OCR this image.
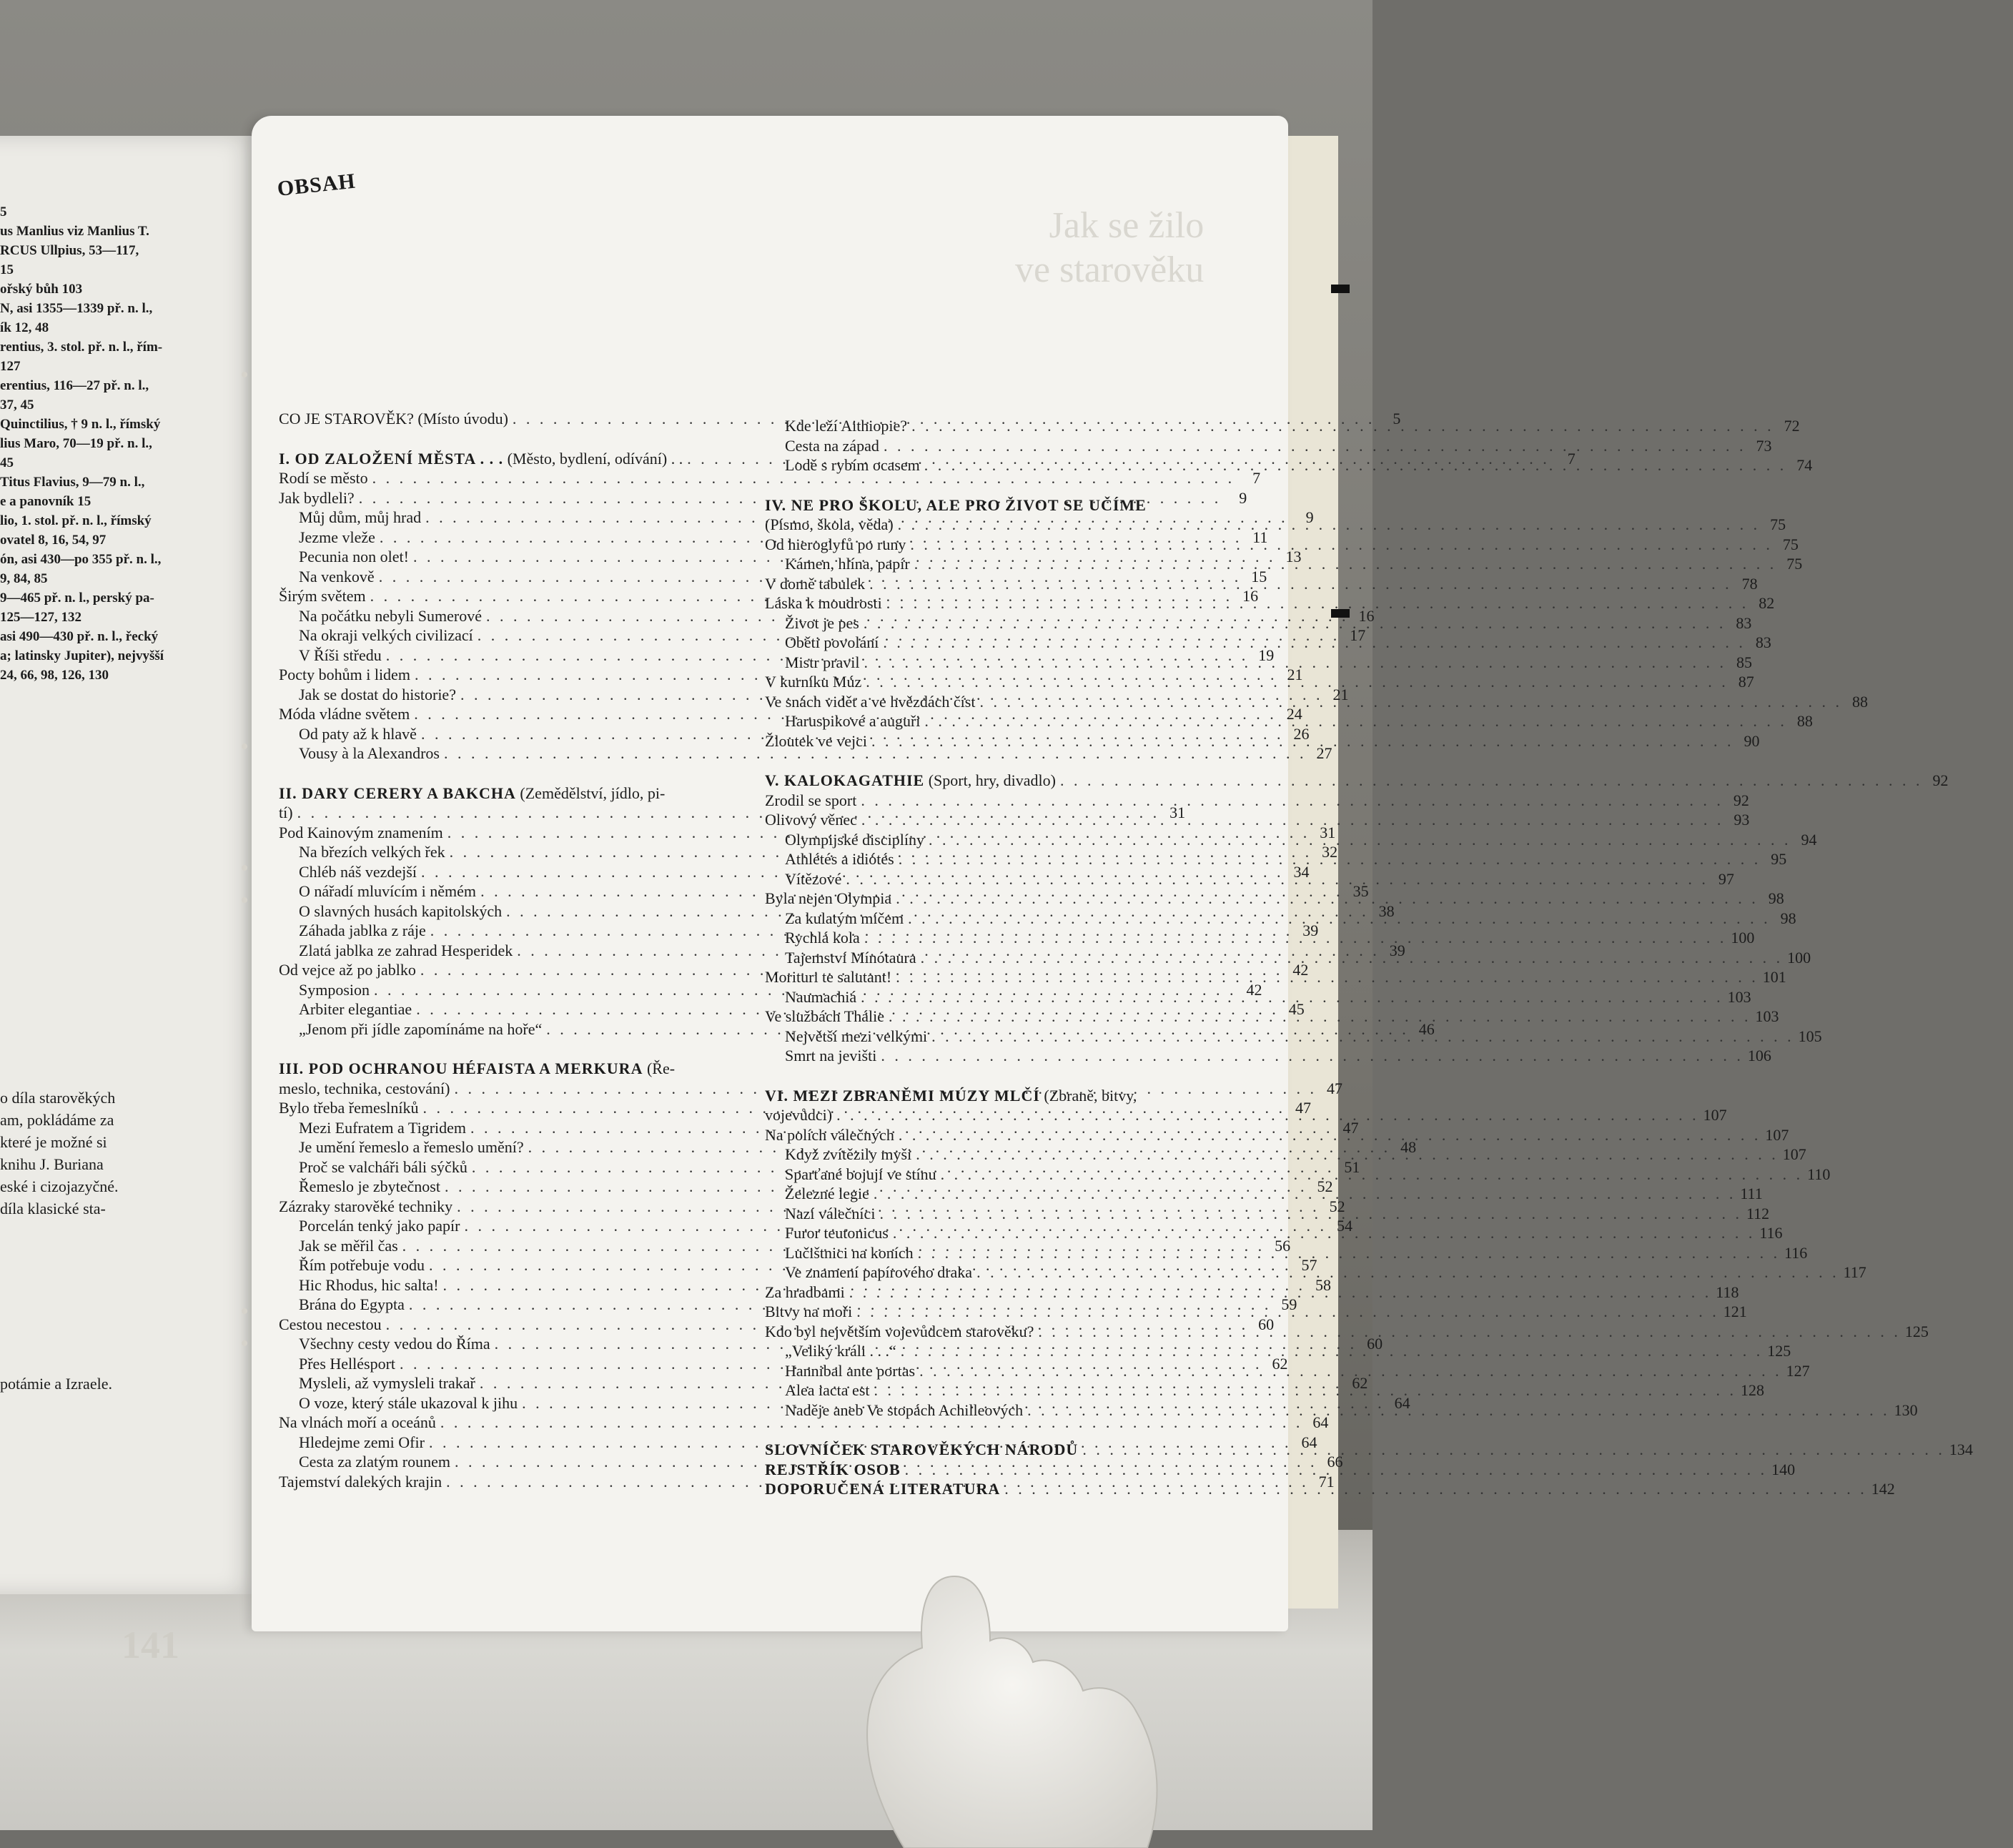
5
us Manlius viz Manlius T.
RCUS Ullpius, 53—117,
15
ořský bůh 103
N, asi 1355—1339 př. n. l.,
ík 12, 48
rentius, 3. stol. př. n. l., řím-
127
erentius, 116—27 př. n. l.,
37, 45
Quinctilius, † 9 n. l., římský
lius Maro, 70—19 př. n. l.,
45
Titus Flavius, 9—79 n. l.,
e a panovník 15
lio, 1. stol. př. n. l., římský
ovatel 8, 16, 54, 97
ón, asi 430—po 355 př. n. l.,
9, 84, 85
9—465 př. n. l., perský pa-
125—127, 132
asi 490—430 př. n. l., řecký
a; latinsky Jupiter), nejvyšší
24, 66, 98, 126, 130
o díla starověkých
am, pokládáme za
které je možné si
knihu J. Buriana
eské i cizojazyčné.
díla klasické sta-
potámie a Izraele.
141
OBSAH
Jak se žilo
ve starověku
CO JE STAROVĚK? (Místo úvodu) . . .	5
I. OD ZALOŽENÍ MĚSTA . . .
(Město, bydlení, odívání) . . . . .	7
Rodí se město . . .	7
Jak bydleli? . . .	9
Můj dům, můj hrad . . .	9
Jezme vleže . . .	11
Pecunia non olet! . . .	13
Na venkově . . .	15
Širým světem . . .	16
Na počátku nebyli Sumerové . . .	16
Na okraji velkých civilizací . . .	17
V Říši středu . . .	19
Pocty bohům i lidem . . .	21
Jak se dostat do historie? . . .	21
Móda vládne světem . . .	24
Od paty až k hlavě . . .	26
Vousy à la Alexandros . . .	27
II. DARY CERERY A BAKCHA
(Zemědělství, jídlo, pi-
tí) . . .	31
Pod Kainovým znamením . . .	31
Na březích velkých řek . . .	32
Chléb náš vezdejší . . .	34
O nářadí mluvícím i němém . . .	35
O slavných husách kapitolských . . .	38
Záhada jablka z ráje . . .	39
Zlatá jablka ze zahrad Hesperidek . . .	39
Od vejce až po jablko . . .	42
Symposion . . .	42
Arbiter elegantiae . . .	45
„Jenom při jídle zapomínáme na hoře“ . . .	46
III. POD OCHRANOU HÉFAISTA A MERKURA
(Ře-
meslo, technika, cestování) . . .	47
Bylo třeba řemeslníků . . .	47
Mezi Eufratem a Tigridem . . .	47
Je umění řemeslo a řemeslo umění? . . .	48
Proč se valcháři báli sýčků . . .	51
Řemeslo je zbytečnost . . .	52
Zázraky starověké techniky . . .	52
Porcelán tenký jako papír . . .	54
Jak se měřil čas . . .	56
Řím potřebuje vodu . . .	57
Hic Rhodus, hic salta! . . .	58
Brána do Egypta . . .	59
Cestou necestou . . .	60
Všechny cesty vedou do Říma . . .	60
Přes Hellésport . . .	62
Mysleli, až vymysleli trakař . . .	62
O voze, který stále ukazoval k jihu . . .	64
Na vlnách moří a oceánů . . .	64
Hledejme zemi Ofir . . .	64
Cesta za zlatým rounem . . .	66
Tajemství dalekých krajin . . .	71
Kde leží Aithiopie? . . .	72
Cesta na západ . . .	73
Lodě s rybím ocasem . . .	74
IV. NE PRO ŠKOLU, ALE PRO ŽIVOT SE UČÍME
(Písmo, škola, věda) . . .	75
Od hieroglyfů po runy . . .	75
Kámen, hlína, papír . . .	75
V domě tabulek . . .	78
Láska k moudrosti . . .	82
Život je pes . . .	83
Oběti povolání . . .	83
Mistr pravil . . .	85
V kurníku Múz . . .	87
Ve snách vidět a ve hvězdách číst . . .	88
Haruspikové a auguři . . .	88
Žloutek ve vejci . . .	90
V. KALOKAGATHIE
(Sport, hry, divadlo) . . .	92
Zrodil se sport . . .	92
Olivový věnec . . .	93
Olympijské disciplíny . . .	94
Athlétés a idiótés . . .	95
Vítězové . . .	97
Byla nejen Olympia . . .	98
Za kulatým míčem . . .	98
Rychlá kola . . .	100
Tajemství Mínótaura . . .	100
Morituri te salutant! . . .	101
Naumachiá . . .	103
Ve službách Thálie . . .	103
Největší mezi velkými . . .	105
Smrt na jevišti . . .	106
VI. MEZI ZBRANĚMI MÚZY MLČÍ
(Zbraně, bitvy,
vojevůdci) . . .	107
Na polích válečných . . .	107
Když zvítězily myši . . .	107
Sparťané bojují ve stínu . . .	110
Železné legie . . .	111
Nazí válečníci . . .	112
Furor teutonicus . . .	116
Lučištnici na koních . . .	116
Ve znamení papírového draka . . .	117
Za hradbami . . .	118
Bitvy na moři . . .	121
Kdo byl největším vojevůdcem starověku? . . .	125
„Veliký králi . . .“ . . .	125
Hannibal ante portas . . .	127
Alea iacta est . . .	128
Naděje aneb Ve stopách Achilleových . . .	130
SLOVNÍČEK STAROVĚKÝCH NÁRODŮ . . .	134
REJSTŘÍK OSOB . . .	140
DOPORUČENÁ LITERATURA . . .	142
